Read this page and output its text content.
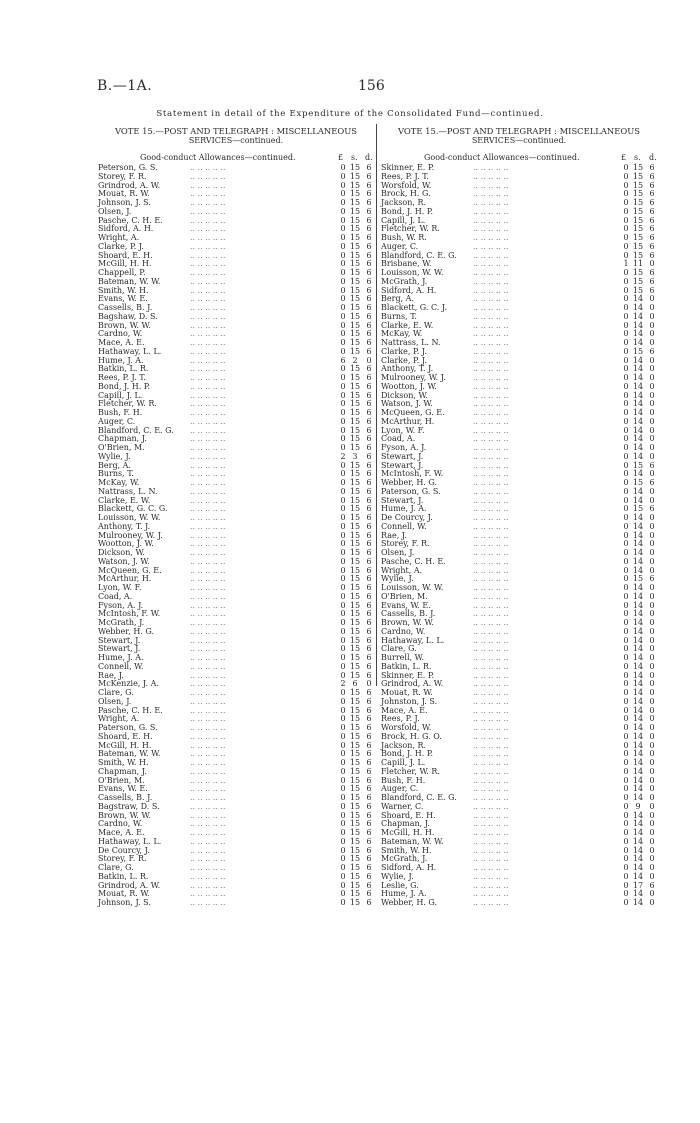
B.—1A.	156
Statement in detail of the Expenditure of the Consolidated Fund—continued.
VOTE 15.—POST AND TELEGRAPH : MISCELLANEOUS
SERVICES—continued.
VOTE 15.—POST AND TELEGRAPH : MISCELLANEOUS
SERVICES—continued.
Good-conduct Allowances—continued.	£ s. d.	Good-conduct Allowances—continued.	£ s. d.
Peterson, G. S.	0 15 6
.. .. .. .. ..
Storey, F. R.	0 15 6
.. .. .. .. ..
Grindrod, A. W.	0 15 6
.. .. .. .. ..
Mouat, R. W.	0 15 6
.. .. .. .. ..
Johnson, J. S.	0 15 6
.. .. .. .. ..
Olsen, J.	0 15 6
.. .. .. .. ..
Pasche, C. H. E.	0 15 6
.. .. .. .. ..
Sidford, A. H.	0 15 6
.. .. .. .. ..
Wright, A.	0 15 6
.. .. .. .. ..
Clarke, P. J.	0 15 6
.. .. .. .. ..
Shoard, E. H.	0 15 6
.. .. .. .. ..
McGill, H. H.	0 15 6
.. .. .. .. ..
Chappell, P.	0 15 6
.. .. .. .. ..
Bateman, W. W.	0 15 6
.. .. .. .. ..
Smith, W. H.	0 15 6
.. .. .. .. ..
Evans, W. E.	0 15 6
.. .. .. .. ..
Cassells, B. J.	0 15 6
.. .. .. .. ..
Bagshaw, D. S.	0 15 6
.. .. .. .. ..
Brown, W. W.	0 15 6
.. .. .. .. ..
Cardno, W.	0 15 6
.. .. .. .. ..
Mace, A. E.	0 15 6
.. .. .. .. ..
Hathaway, L. L.	0 15 6
.. .. .. .. ..
Hume, J. A.	6 2	0
.. .. .. .. ..
Batkin, L. R.	0 15 6
.. .. .. .. ..
Rees, P. J. T.	0 15 6
.. .. .. .. ..
Bond, J. H. P.	0 15 6
.. .. .. .. ..
Capill, J. L.	0 15 6
.. .. .. .. ..
Fletcher, W. R.	0 15 6
.. .. .. .. ..
Bush, F. H.	0 15 6
.. .. .. .. ..
Auger, C.	0 15 6
.. .. .. .. ..
Blandford, C. E. G.	0 15 6
.. .. .. .. ..
Chapman, J.	0 15 6
.. .. .. .. ..
O'Brien, M.	0 15 6
.. .. .. .. ..
Wylie, J.	2 3	6
.. .. .. .. ..
Berg, A.	0 15 6
.. .. .. .. ..
Burns, T.	0 15 6
.. .. .. .. ..
McKay, W.	0 15 6
.. .. .. .. ..
Nattrass, L. N.	0 15 6
.. .. .. .. ..
Clarke, E. W.	0 15 6
.. .. .. .. ..
Blackett, G. C. G.	0 15 6
.. .. .. .. ..
Louisson, W. W.	0 15 6
.. .. .. .. ..
Anthony, T. J.	0 15 6
.. .. .. .. ..
Mulrooney, W. J.	0 15 6
.. .. .. .. ..
Wootton, J. W.	0 15 6
.. .. .. .. ..
Dickson, W.	0 15 6
.. .. .. .. ..
Watson, J. W.	0 15 6
.. .. .. .. ..
McQueen, G. E.	0 15 6
.. .. .. .. ..
McArthur, H.	0 15 6
.. .. .. .. ..
Lyon, W. F.	0 15 6
.. .. .. .. ..
Coad, A.	0 15 6
.. .. .. .. ..
Fyson, A. J.	0 15 6
.. .. .. .. ..
McIntosh, F. W.	0 15 6
.. .. .. .. ..
McGrath, J.	0 15 6
.. .. .. .. ..
Webber, H. G.	0 15 6
.. .. .. .. ..
Stewart, J.	0 15 6
.. .. .. .. ..
Stewart, J.	0 15 6
.. .. .. .. ..
Hume, J. A.	0 15 6
.. .. .. .. ..
Connell, W.	0 15 6
.. .. .. .. ..
Rae, J.	0 15 6
.. .. .. .. ..
McKenzie, J. A.	2 6	0
.. .. .. .. ..
Clare, G.	0 15 6
.. .. .. .. ..
Olsen, J.	0 15 6
.. .. .. .. ..
Pasche, C. H. E.	0 15 6
.. .. .. .. ..
Wright, A.	0 15 6
.. .. .. .. ..
Paterson, G. S.	0 15 6
.. .. .. .. ..
Shoard, E. H.	0 15 6
.. .. .. .. ..
McGill, H. H.	0 15 6
.. .. .. .. ..
Bateman, W. W.	0 15 6
.. .. .. .. ..
Smith, W. H.	0 15 6
.. .. .. .. ..
Chapman, J.	0 15 6
.. .. .. .. ..
O'Brien, M.	0 15 6
.. .. .. .. ..
Evans, W. E.	0 15 6
.. .. .. .. ..
Cassells, B. J.	0 15 6
.. .. .. .. ..
Bagstraw, D. S.	0 15 6
.. .. .. .. ..
Brown, W. W.	0 15 6
.. .. .. .. ..
Cardno, W.	0 15 6
.. .. .. .. ..
Mace, A. E.	0 15 6
.. .. .. .. ..
Hathaway, L. L.	0 15 6
.. .. .. .. ..
De Courcy, J.	0 15 6
.. .. .. .. ..
Storey, F. R.	0 15 6
.. .. .. .. ..
Clare, G.	0 15 6
.. .. .. .. ..
Batkin, L. R.	0 15 6
.. .. .. .. ..
Grindrod, A. W.	0 15 6
.. .. .. .. ..
Mouat, R. W.	0 15 6
.. .. .. .. ..
Johnson, J. S.	0 15 6
.. .. .. .. ..
Skinner, E. P.	0 15 6
.. .. .. .. ..
Rees, P. J. T.	0 15 6
.. .. .. .. ..
Worsfold, W.	0 15 6
.. .. .. .. ..
Brock, H. G.	0 15 6
.. .. .. .. ..
Jackson, R.	0 15 6
.. .. .. .. ..
Bond, J. H. P.	0 15 6
.. .. .. .. ..
Capill, J. L.	0 15 6
.. .. .. .. ..
Fletcher, W. R.	0 15 6
.. .. .. .. ..
Bush, W. R.	0 15 6
.. .. .. .. ..
Auger, C.	0 15 6
.. .. .. .. ..
Blandford, C. E. G.	0 15 6
.. .. .. .. ..
Brisbane, W.	1 11 0
.. .. .. .. ..
Louisson, W. W.	0 15 6
.. .. .. .. ..
McGrath, J.	0 15 6
.. .. .. .. ..
Sidford, A. H.	0 15 6
.. .. .. .. ..
Berg, A.	0 14 0
.. .. .. .. ..
Blackett, G. C. J.	0 14 0
.. .. .. .. ..
Burns, T.	0 14 0
.. .. .. .. ..
Clarke, E. W.	0 14 0
.. .. .. .. ..
McKay, W.	0 14 0
.. .. .. .. ..
Nattrass, L. N.	0 14 0
.. .. .. .. ..
Clarke, P. J.	0 15 6
.. .. .. .. ..
Clarke, P. J.	0 14 0
.. .. .. .. ..
Anthony, T. J.	0 14 0
.. .. .. .. ..
Mulrooney, W. J.	0 14 0
.. .. .. .. ..
Wootton, J. W.	0 14 0
.. .. .. .. ..
Dickson, W.	0 14 0
.. .. .. .. ..
Watson, J. W.	0 14 0
.. .. .. .. ..
McQueen, G. E.	0 14 0
.. .. .. .. ..
McArthur, H.	0 14 0
.. .. .. .. ..
Lyon, W. F.	0 14 0
.. .. .. .. ..
Coad, A.	0 14 0
.. .. .. .. ..
Fyson, A. J.	0 14 0
.. .. .. .. ..
Stewart, J.	0 14 0
.. .. .. .. ..
Stewart, J.	0 15 6
.. .. .. .. ..
McIntosh, F. W.	0 14 0
.. .. .. .. ..
Webber, H. G.	0 15 6
.. .. .. .. ..
Paterson, G. S.	0 14 0
.. .. .. .. ..
Stewart, J.	0 14 0
.. .. .. .. ..
Hume, J. A.	0 15 6
.. .. .. .. ..
De Courcy, J.	0 14 0
.. .. .. .. ..
Connell, W.	0 14 0
.. .. .. .. ..
Rae, J.	0 14 0
.. .. .. .. ..
Storey, F. R.	0 14 0
.. .. .. .. ..
Olsen, J.	0 14 0
.. .. .. .. ..
Pasche, C. H. E.	0 14 0
.. .. .. .. ..
Wright, A.	0 14 0
.. .. .. .. ..
Wylie, J.	0 15 6
.. .. .. .. ..
Louisson, W. W.	0 14 0
.. .. .. .. ..
O'Brien, M.	0 14 0
.. .. .. .. ..
Evans, W. E.	0 14 0
.. .. .. .. ..
Cassells, B. J.	0 14 0
.. .. .. .. ..
Brown, W. W.	0 14 0
.. .. .. .. ..
Cardno, W.	0 14 0
.. .. .. .. ..
Hathaway, L. L.	0 14 0
.. .. .. .. ..
Clare, G.	0 14 0
.. .. .. .. ..
Burrell, W.	0 14 0
.. .. .. .. ..
Batkin, L. R.	0 14 0
.. .. .. .. ..
Skinner, E. P.	0 14 0
.. .. .. .. ..
Grindrod, A. W.	0 14 0
.. .. .. .. ..
Mouat, R. W.	0 14 0
.. .. .. .. ..
Johnston, J. S.	0 14 0
.. .. .. .. ..
Mace, A. E.	0 14 0
.. .. .. .. ..
Rees, P. J.	0 14 0
.. .. .. .. ..
Worsfold, W.	0 14 0
.. .. .. .. ..
Brock, H. G. O.	0 14 0
.. .. .. .. ..
Jackson, R.	0 14 0
.. .. .. .. ..
Bond, J. H. P.	0 14 0
.. .. .. .. ..
Capill, J. L.	0 14 0
.. .. .. .. ..
Fletcher, W. R.	0 14 0
.. .. .. .. ..
Bush, F. H.	0 14 0
.. .. .. .. ..
Auger, C.	0 14 0
.. .. .. .. ..
Blandford, C. E. G.	0 14 0
.. .. .. .. ..
Warner, C.	0 9	0
.. .. .. .. ..
Shoard, E. H.	0 14 0
.. .. .. .. ..
Chapman, J.	0 14 0
.. .. .. .. ..
McGill, H. H.	0 14 0
.. .. .. .. ..
Bateman, W. W.	0 14 0
.. .. .. .. ..
Smith, W. H.	0 14 0
.. .. .. .. ..
McGrath, J.	0 14 0
.. .. .. .. ..
Sidford, A. H.	0 14 0
.. .. .. .. ..
Wylie, J.	0 14 0
.. .. .. .. ..
Leslie, G.	0 17 6
.. .. .. .. ..
Hume, J. A.	0 14 0
.. .. .. .. ..
Webber, H. G.	0 14 0
.. .. .. .. ..
